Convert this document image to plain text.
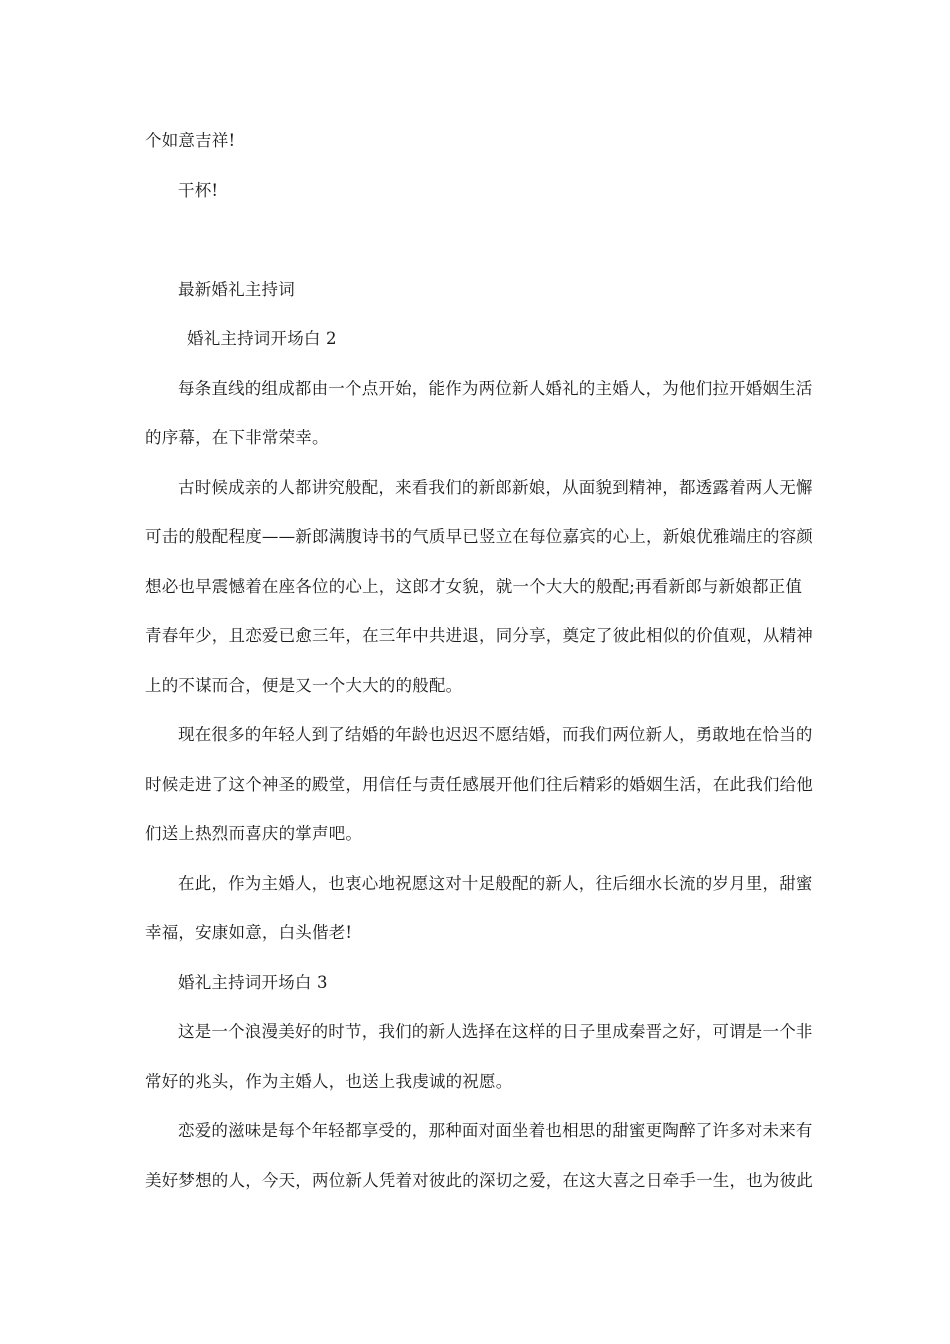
个如意吉祥!
干杯!
最新婚礼主持词
婚礼主持词开场白 2
每条直线的组成都由一个点开始，能作为两位新人婚礼的主婚人，为他们拉开婚姻生活
的序幕，在下非常荣幸。
古时候成亲的人都讲究般配，来看我们的新郎新娘，从面貌到精神，都透露着两人无懈
可击的般配程度——新郎满腹诗书的气质早已竖立在每位嘉宾的心上，新娘优雅端庄的容颜
想必也早震憾着在座各位的心上，这郎才女貌，就一个大大的般配;再看新郎与新娘都正值
青春年少，且恋爱已愈三年，在三年中共进退，同分享，奠定了彼此相似的价值观，从精神
上的不谋而合，便是又一个大大的的般配。
现在很多的年轻人到了结婚的年龄也迟迟不愿结婚，而我们两位新人，勇敢地在恰当的
时候走进了这个神圣的殿堂，用信任与责任感展开他们往后精彩的婚姻生活，在此我们给他
们送上热烈而喜庆的掌声吧。
在此，作为主婚人，也衷心地祝愿这对十足般配的新人，往后细水长流的岁月里，甜蜜
幸福，安康如意，白头偕老!
婚礼主持词开场白 3
这是一个浪漫美好的时节，我们的新人选择在这样的日子里成秦晋之好，可谓是一个非
常好的兆头，作为主婚人，也送上我虔诚的祝愿。
恋爱的滋味是每个年轻都享受的，那种面对面坐着也相思的甜蜜更陶醉了许多对未来有
美好梦想的人，今天，两位新人凭着对彼此的深切之爱，在这大喜之日牵手一生，也为彼此
